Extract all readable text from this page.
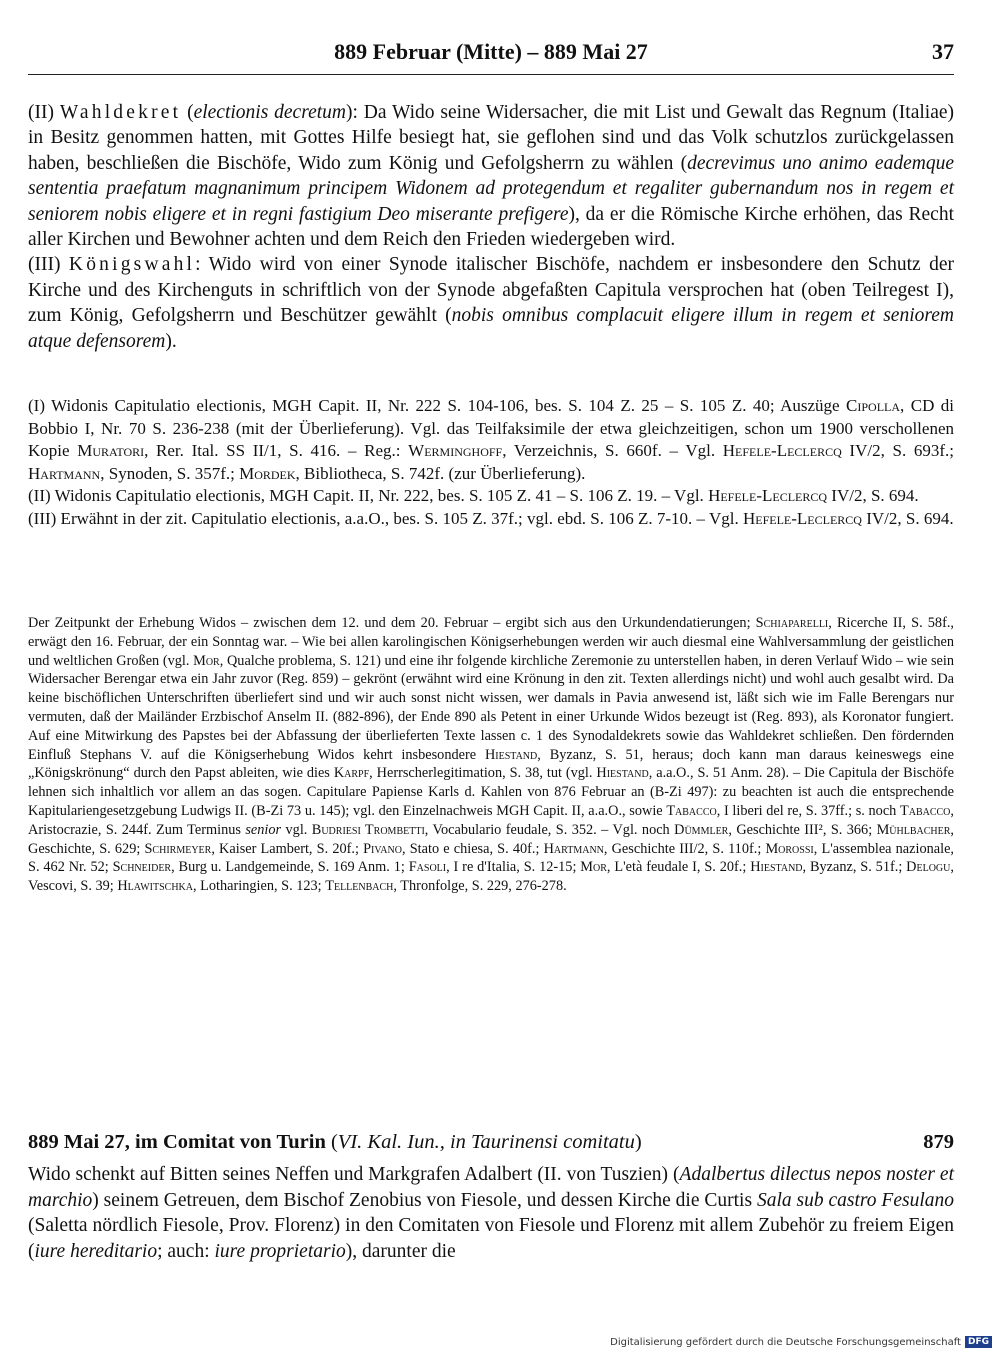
889 Februar (Mitte) – 889 Mai 27	37

(II) Wahldekret (electionis decretum): Da Wido seine Widersacher, die mit List und Gewalt das Regnum (Italiae) in Besitz genommen hatten, mit Gottes Hilfe besiegt hat, sie geflohen sind und das Volk schutzlos zurückgelassen haben, beschließen die Bischöfe, Wido zum König und Gefolgsherrn zu wählen (decrevimus uno animo eademque sententia praefatum magnanimum principem Widonem ad protegendum et regaliter gubernandum nos in regem et seniorem nobis eligere et in regni fastigium Deo miserante prefigere), da er die Römische Kirche erhöhen, das Recht aller Kirchen und Bewohner achten und dem Reich den Frieden wiedergeben wird.

(III) Königswahl: Wido wird von einer Synode italischer Bischöfe, nachdem er insbesondere den Schutz der Kirche und des Kirchenguts in schriftlich von der Synode abgefaßten Capitula versprochen hat (oben Teilregest I), zum König, Gefolgsherrn und Beschützer gewählt (nobis omnibus complacuit eligere illum in regem et seniorem atque defensorem).

(I) Widonis Capitulatio electionis, MGH Capit. II, Nr. 222 S. 104-106, bes. S. 104 Z. 25 – S. 105 Z. 40; Auszüge Cipolla, CD di Bobbio I, Nr. 70 S. 236-238 (mit der Überlieferung). Vgl. das Teilfaksimile der etwa gleichzeitigen, schon um 1900 verschollenen Kopie Muratori, Rer. Ital. SS II/1, S. 416. – Reg.: Werminghoff, Verzeichnis, S. 660f. – Vgl. Hefele-Leclercq IV/2, S. 693f.; Hartmann, Synoden, S. 357f.; Mordek, Bibliotheca, S. 742f. (zur Überlieferung).

(II) Widonis Capitulatio electionis, MGH Capit. II, Nr. 222, bes. S. 105 Z. 41 – S. 106 Z. 19. – Vgl. Hefele-Leclercq IV/2, S. 694.

(III) Erwähnt in der zit. Capitulatio electionis, a.a.O., bes. S. 105 Z. 37f.; vgl. ebd. S. 106 Z. 7-10. – Vgl. Hefele-Leclercq IV/2, S. 694.

Der Zeitpunkt der Erhebung Widos – zwischen dem 12. und dem 20. Februar – ergibt sich aus den Urkundendatierungen; Schiaparelli, Ricerche II, S. 58f., erwägt den 16. Februar, der ein Sonntag war. – Wie bei allen karolingischen Königserhebungen werden wir auch diesmal eine Wahlversammlung der geistlichen und weltlichen Großen (vgl. Mor, Qualche problema, S. 121) und eine ihr folgende kirchliche Zeremonie zu unterstellen haben, in deren Verlauf Wido – wie sein Widersacher Berengar etwa ein Jahr zuvor (Reg. 859) – gekrönt (erwähnt wird eine Krönung in den zit. Texten allerdings nicht) und wohl auch gesalbt wird. Da keine bischöflichen Unterschriften überliefert sind und wir auch sonst nicht wissen, wer damals in Pavia anwesend ist, läßt sich wie im Falle Berengars nur vermuten, daß der Mailänder Erzbischof Anselm II. (882-896), der Ende 890 als Petent in einer Urkunde Widos bezeugt ist (Reg. 893), als Koronator fungiert. Auf eine Mitwirkung des Papstes bei der Abfassung der überlieferten Texte lassen c. 1 des Synodaldekrets sowie das Wahldekret schließen. Den fördernden Einfluß Stephans V. auf die Königserhebung Widos kehrt insbesondere Hiestand, Byzanz, S. 51, heraus; doch kann man daraus keineswegs eine „Königskrönung“ durch den Papst ableiten, wie dies Karpf, Herrscherlegitimation, S. 38, tut (vgl. Hiestand, a.a.O., S. 51 Anm. 28). – Die Capitula der Bischöfe lehnen sich inhaltlich vor allem an das sogen. Capitulare Papiense Karls d. Kahlen von 876 Februar an (B-Zi 497): zu beachten ist auch die entsprechende Kapitulariengesetzgebung Ludwigs II. (B-Zi 73 u. 145); vgl. den Einzelnachweis MGH Capit. II, a.a.O., sowie Tabacco, I liberi del re, S. 37ff.; s. noch Tabacco, Aristocrazie, S. 244f. Zum Terminus senior vgl. Budriesi Trombetti, Vocabulario feudale, S. 352. – Vgl. noch Dümmler, Geschichte III², S. 366; Mühlbacher, Geschichte, S. 629; Schirmeyer, Kaiser Lambert, S. 20f.; Pivano, Stato e chiesa, S. 40f.; Hartmann, Geschichte III/2, S. 110f.; Morossi, L'assemblea nazionale, S. 462 Nr. 52; Schneider, Burg u. Landgemeinde, S. 169 Anm. 1; Fasoli, I re d'Italia, S. 12-15; Mor, L'età feudale I, S. 20f.; Hiestand, Byzanz, S. 51f.; Delogu, Vescovi, S. 39; Hlawitschka, Lotharingien, S. 123; Tellenbach, Thronfolge, S. 229, 276-278.

889 Mai 27, im Comitat von Turin (VI. Kal. Iun., in Taurinensi comitatu)	879

Wido schenkt auf Bitten seines Neffen und Markgrafen Adalbert (II. von Tuszien) (Adalbertus dilectus nepos noster et marchio) seinem Getreuen, dem Bischof Zenobius von Fiesole, und dessen Kirche die Curtis Sala sub castro Fesulano (Saletta nördlich Fiesole, Prov. Florenz) in den Comitaten von Fiesole und Florenz mit allem Zubehör zu freiem Eigen (iure hereditario; auch: iure proprietario), darunter die

Digitalisierung gefördert durch die Deutsche Forschungsgemeinschaft DFG
